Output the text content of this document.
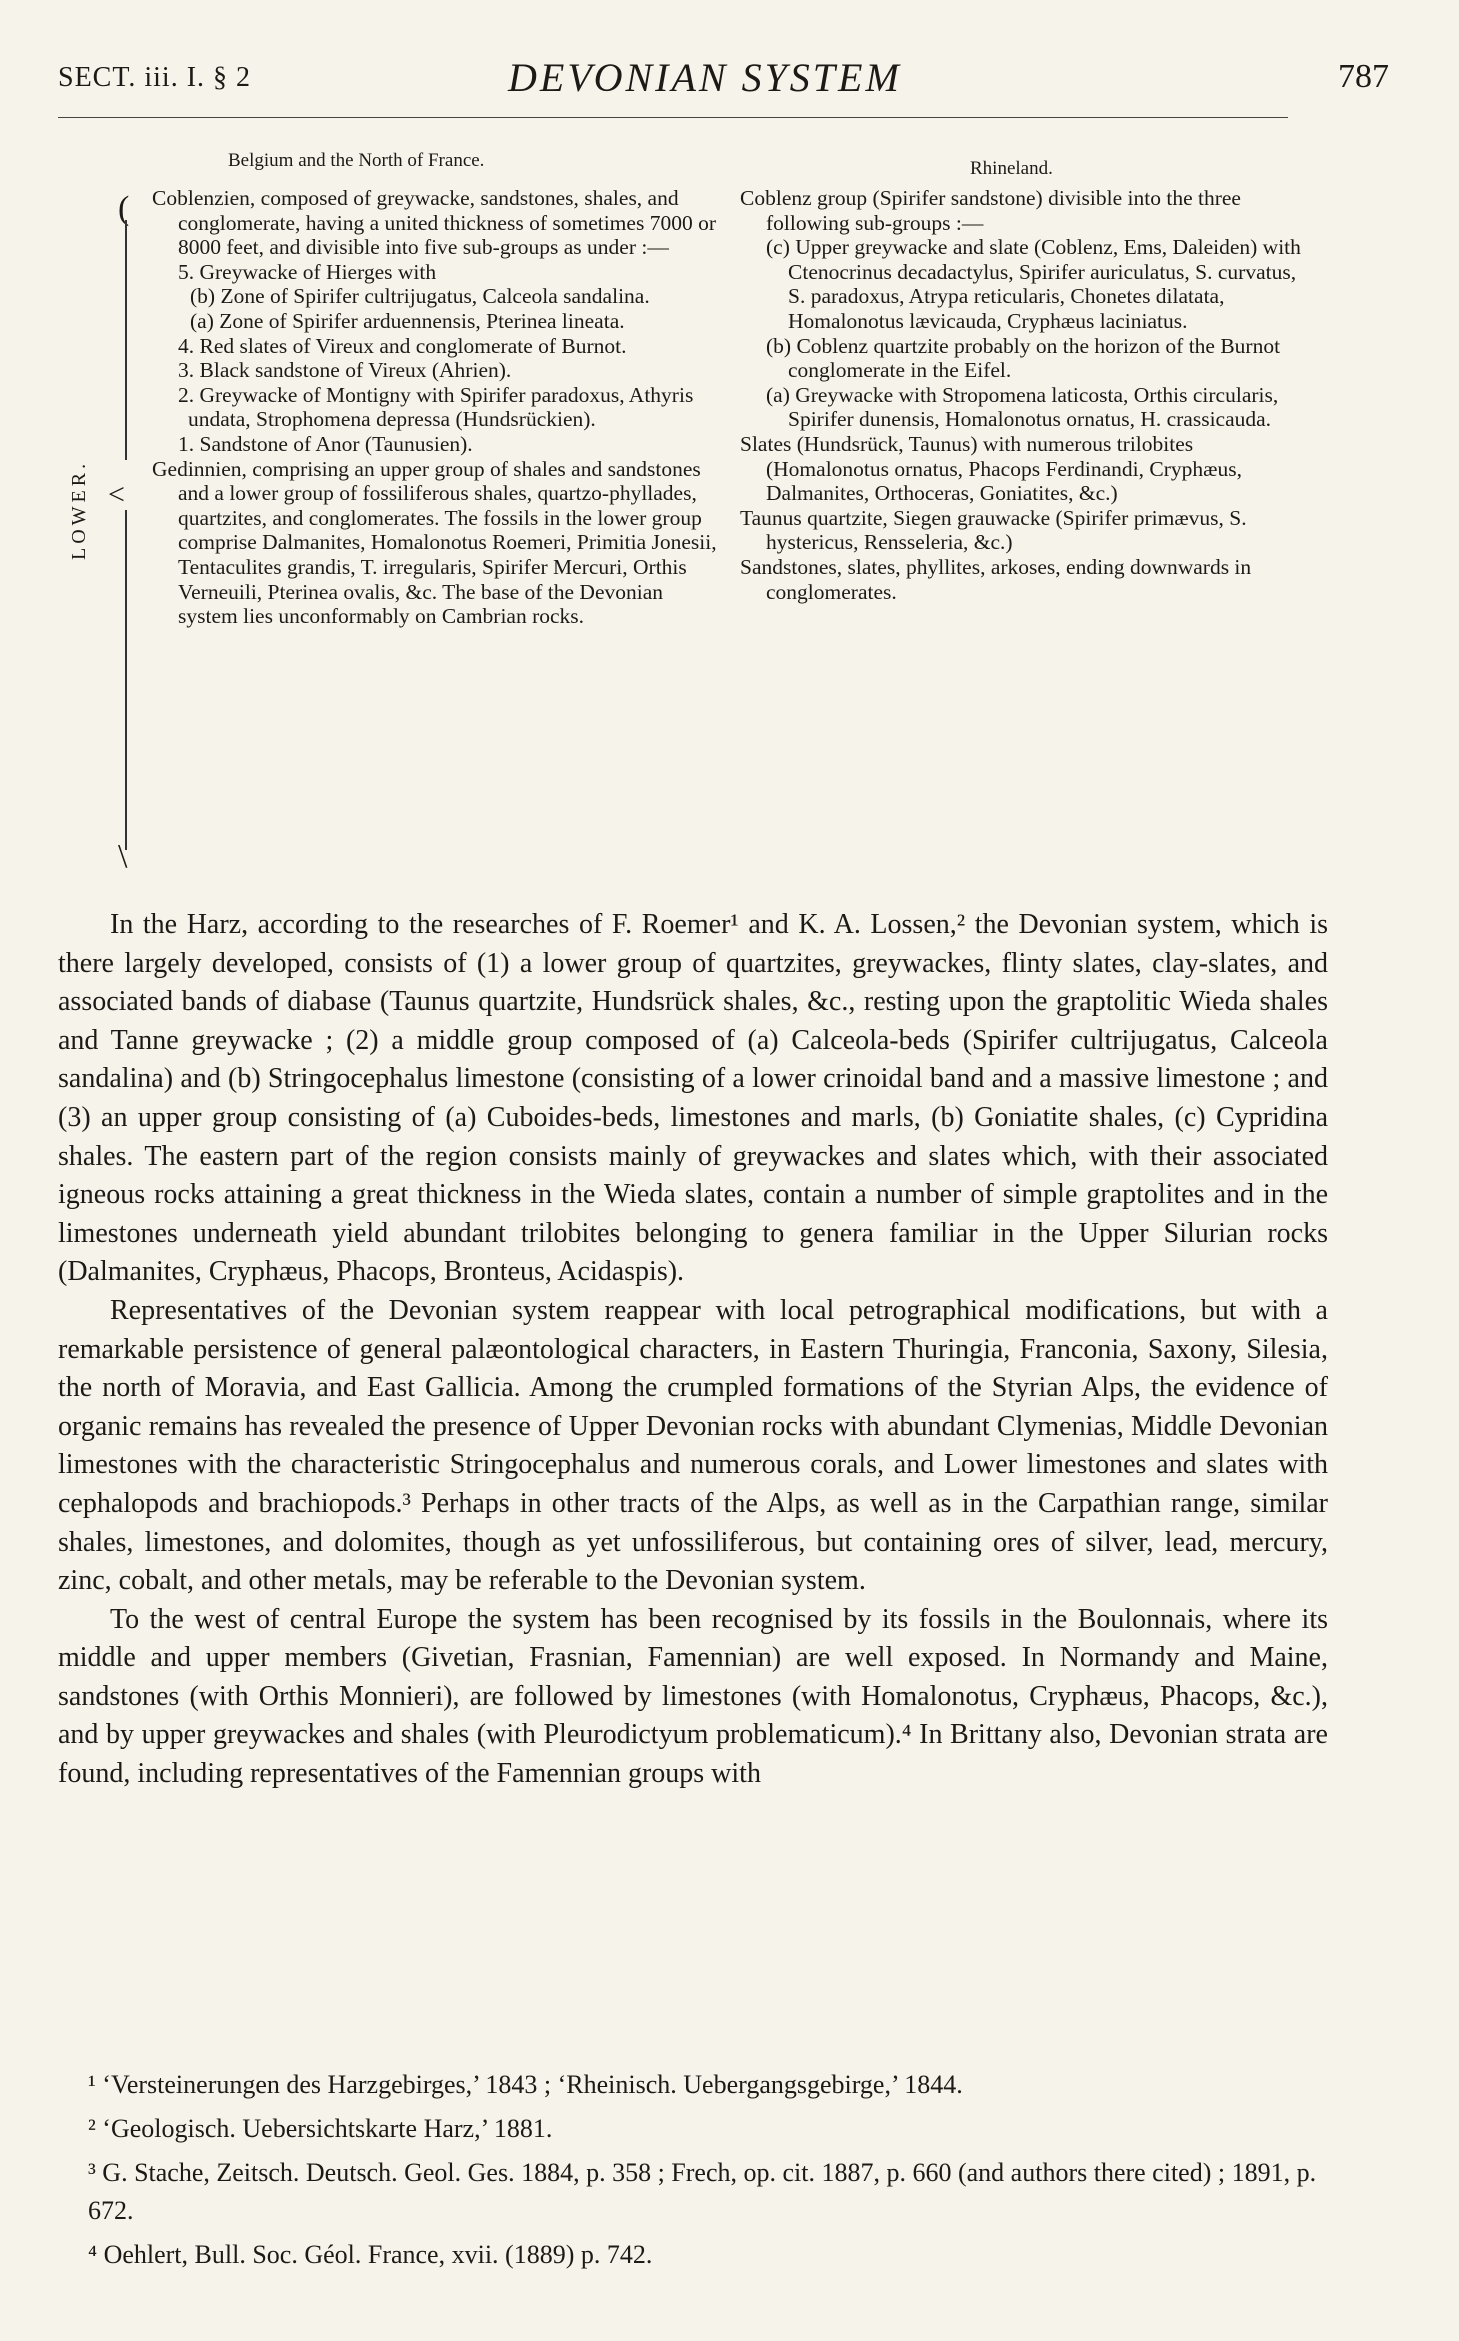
SECT. iii. I. § 2	DEVONIAN SYSTEM	787
Belgium and the North of France.	Rhineland.
(
<
\
LOWER.

Coblenzien, composed of greywacke, sandstones, shales, and conglomerate, having a united thickness of sometimes 7000 or 8000 feet, and divisible into five sub-groups as under :—

5. Greywacke of Hierges with

(b) Zone of Spirifer cultrijugatus, Calceola sandalina.

(a) Zone of Spirifer arduennensis, Pterinea lineata.

4. Red slates of Vireux and conglomerate of Burnot.

3. Black sandstone of Vireux (Ahrien).

2. Greywacke of Montigny with Spirifer paradoxus, Athyris undata, Strophomena depressa (Hundsrückien).

1. Sandstone of Anor (Taunusien).

Gedinnien, comprising an upper group of shales and sandstones and a lower group of fossiliferous shales, quartzo-phyllades, quartzites, and conglomerates. The fossils in the lower group comprise Dalmanites, Homalonotus Roemeri, Primitia Jonesii, Tentaculites grandis, T. irregularis, Spirifer Mercuri, Orthis Verneuili, Pterinea ovalis, &c. The base of the Devonian system lies unconformably on Cambrian rocks.

Coblenz group (Spirifer sandstone) divisible into the three following sub-groups :—

(c) Upper greywacke and slate (Coblenz, Ems, Daleiden) with Ctenocrinus decadactylus, Spirifer auriculatus, S. curvatus, S. paradoxus, Atrypa reticularis, Chonetes dilatata, Homalonotus lævicauda, Cryphæus laciniatus.

(b) Coblenz quartzite probably on the horizon of the Burnot conglomerate in the Eifel.

(a) Greywacke with Stropomena laticosta, Orthis circularis, Spirifer dunensis, Homalonotus ornatus, H. crassicauda.

Slates (Hundsrück, Taunus) with numerous trilobites (Homalonotus ornatus, Phacops Ferdinandi, Cryphæus, Dalmanites, Orthoceras, Goniatites, &c.)

Taunus quartzite, Siegen grauwacke (Spirifer primævus, S. hystericus, Rensseleria, &c.)

Sandstones, slates, phyllites, arkoses, ending downwards in conglomerates.

In the Harz, according to the researches of F. Roemer¹ and K. A. Lossen,² the Devonian system, which is there largely developed, consists of (1) a lower group of quartzites, greywackes, flinty slates, clay-slates, and associated bands of diabase (Taunus quartzite, Hundsrück shales, &c., resting upon the graptolitic Wieda shales and Tanne greywacke ; (2) a middle group composed of (a) Calceola-beds (Spirifer cultrijugatus, Calceola sandalina) and (b) Stringocephalus limestone (consisting of a lower crinoidal band and a massive limestone ; and (3) an upper group consisting of (a) Cuboides-beds, limestones and marls, (b) Goniatite shales, (c) Cypridina shales. The eastern part of the region consists mainly of greywackes and slates which, with their associated igneous rocks attaining a great thickness in the Wieda slates, contain a number of simple graptolites and in the limestones underneath yield abundant trilobites belonging to genera familiar in the Upper Silurian rocks (Dalmanites, Cryphæus, Phacops, Bronteus, Acidaspis).

Representatives of the Devonian system reappear with local petrographical modifications, but with a remarkable persistence of general palæontological characters, in Eastern Thuringia, Franconia, Saxony, Silesia, the north of Moravia, and East Gallicia. Among the crumpled formations of the Styrian Alps, the evidence of organic remains has revealed the presence of Upper Devonian rocks with abundant Clymenias, Middle Devonian limestones with the characteristic Stringocephalus and numerous corals, and Lower limestones and slates with cephalopods and brachiopods.³ Perhaps in other tracts of the Alps, as well as in the Carpathian range, similar shales, limestones, and dolomites, though as yet unfossiliferous, but containing ores of silver, lead, mercury, zinc, cobalt, and other metals, may be referable to the Devonian system.

To the west of central Europe the system has been recognised by its fossils in the Boulonnais, where its middle and upper members (Givetian, Frasnian, Famennian) are well exposed. In Normandy and Maine, sandstones (with Orthis Monnieri), are followed by limestones (with Homalonotus, Cryphæus, Phacops, &c.), and by upper greywackes and shales (with Pleurodictyum problematicum).⁴ In Brittany also, Devonian strata are found, including representatives of the Famennian groups with

¹ ‘Versteinerungen des Harzgebirges,’ 1843 ; ‘Rheinisch. Uebergangsgebirge,’ 1844.

² ‘Geologisch. Uebersichtskarte Harz,’ 1881.

³ G. Stache, Zeitsch. Deutsch. Geol. Ges. 1884, p. 358 ; Frech, op. cit. 1887, p. 660 (and authors there cited) ; 1891, p. 672.

⁴ Oehlert, Bull. Soc. Géol. France, xvii. (1889) p. 742.
